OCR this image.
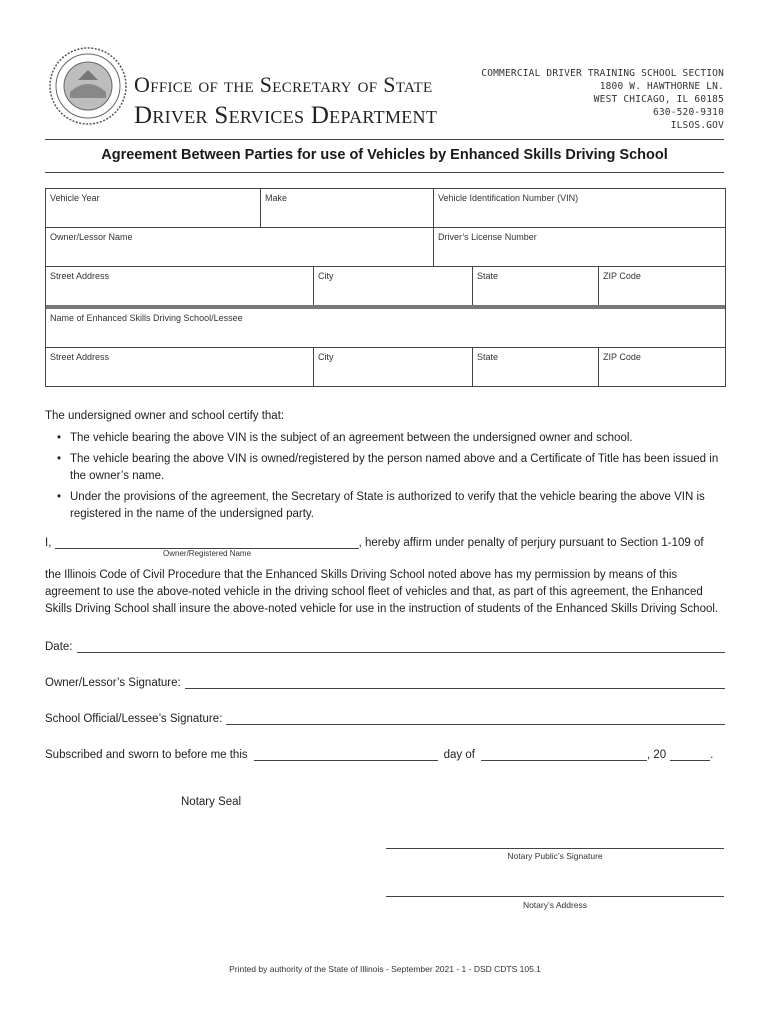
Office of the Secretary of State
Driver Services Department
COMMERCIAL DRIVER TRAINING SCHOOL SECTION
1800 W. HAWTHORNE LN.
WEST CHICAGO, IL 60185
630-520-9310
ILSOS.GOV
Agreement Between Parties for use of Vehicles by Enhanced Skills Driving School
Vehicle Year	Make	Vehicle Identification Number (VIN)
Owner/Lessor Name	Driver’s License Number
Street Address	City	State	ZIP Code
Name of Enhanced Skills Driving School/Lessee
Street Address	City	State	ZIP Code
The undersigned owner and school certify that:
• The vehicle bearing the above VIN is the subject of an agreement between the undersigned owner and school.
• The vehicle bearing the above VIN is owned/registered by the person named above and a Certificate of Title has been issued in the owner’s name.
• Under the provisions of the agreement, the Secretary of State is authorized to verify that the vehicle bearing the above VIN is registered in the name of the undersigned party.
I,	, hereby affirm under penalty of perjury pursuant to Section 1-109 of
Owner/Registered Name
the Illinois Code of Civil Procedure that the Enhanced Skills Driving School noted above has my permission by means of this agreement to use the above-noted vehicle in the driving school fleet of vehicles and that, as part of this agreement, the Enhanced Skills Driving School shall insure the above-noted vehicle for use in the instruction of students of the Enhanced Skills Driving School.
Date:
Owner/Lessor’s Signature:
School Official/Lessee’s Signature:
Subscribed and sworn to before me this	day of	, 20	.
Notary Seal
Notary Public’s Signature
Notary’s Address
Printed by authority of the State of Illinois - September 2021 - 1 - DSD CDTS 105.1
